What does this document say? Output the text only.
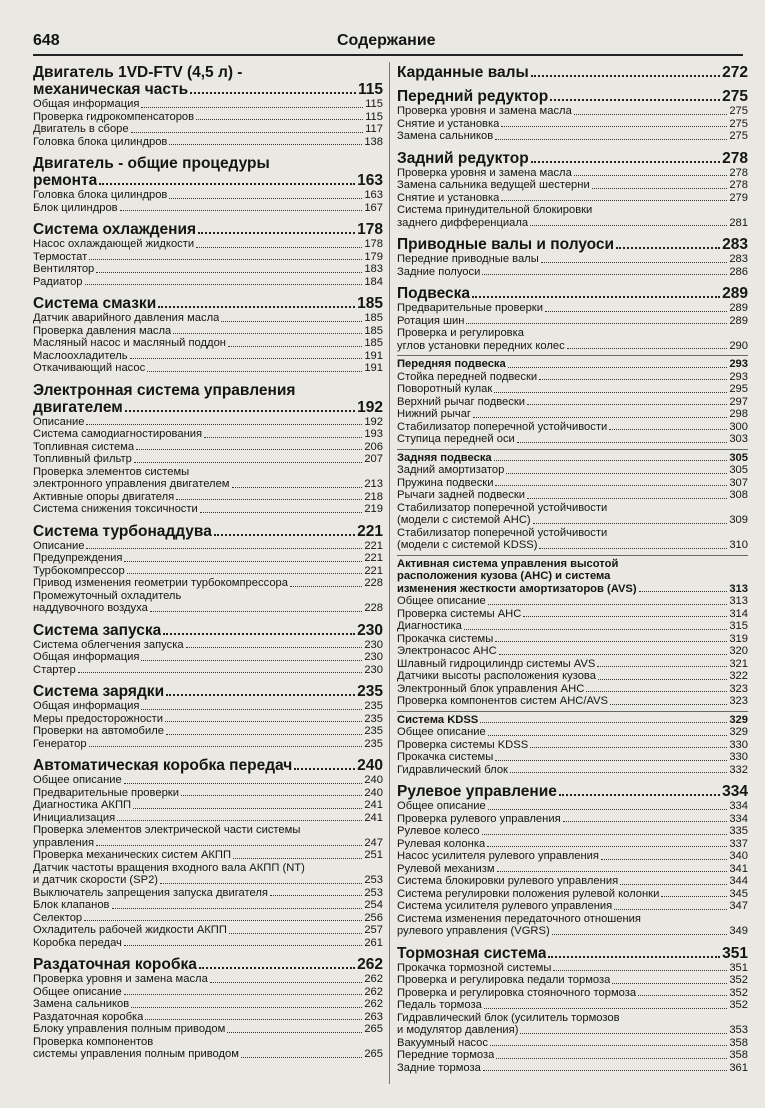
648	Содержание
Двигатель 1VD-FTV (4,5 л) -
механическая часть	115
Общая информация	115
Проверка гидрокомпенсаторов	115
Двигатель в сборе	117
Головка блока цилиндров	138
Двигатель - общие процедуры
ремонта	163
Головка блока цилиндров	163
Блок цилиндров	167
Система охлаждения	178
Насос охлаждающей жидкости	178
Термостат	179
Вентилятор	183
Радиатор	184
Система смазки	185
Датчик аварийного давления масла	185
Проверка давления масла	185
Масляный насос и масляный поддон	185
Маслоохладитель	191
Откачивающий насос	191
Электронная система управления
двигателем	192
Описание	192
Система самодиагностирования	193
Топливная система	206
Топливный фильтр	207
Проверка элементов системы
электронного управления двигателем	213
Активные опоры двигателя	218
Система снижения токсичности	219
Система турбонаддува	221
Описание	221
Предупреждения	221
Турбокомпрессор	221
Привод изменения геометрии турбокомпрессора	228
Промежуточный охладитель
наддувочного воздуха	228
Система запуска	230
Система облегчения запуска	230
Общая информация	230
Стартер	230
Система зарядки	235
Общая информация	235
Меры предосторожности	235
Проверки на автомобиле	235
Генератор	235
Автоматическая коробка передач	240
Общее описание	240
Предварительные проверки	240
Диагностика АКПП	241
Инициализация	241
Проверка элементов электрической части системы
управления	247
Проверка механических систем АКПП	251
Датчик частоты вращения входного вала АКПП (NT)
и датчик скорости (SP2)	253
Выключатель запрещения запуска двигателя	253
Блок клапанов	254
Селектор	256
Охладитель рабочей жидкости АКПП	257
Коробка передач	261
Раздаточная коробка	262
Проверка уровня и замена масла	262
Общее описание	262
Замена сальников	262
Раздаточная коробка	263
Блоку управления полным приводом	265
Проверка компонентов
системы управления полным приводом	265
Карданные валы	272
Передний редуктор	275
Проверка уровня и замена масла	275
Снятие и установка	275
Замена сальников	275
Задний редуктор	278
Проверка уровня и замена масла	278
Замена сальника ведущей шестерни	278
Снятие и установка	279
Система принудительной блокировки
заднего дифференциала	281
Приводные валы и полуоси	283
Передние приводные валы	283
Задние полуоси	286
Подвеска	289
Предварительные проверки	289
Ротация шин	289
Проверка и регулировка
углов установки передних колес	290
Передняя подвеска	293
Стойка передней подвески	293
Поворотный кулак	295
Верхний рычаг подвески	297
Нижний рычаг	298
Стабилизатор поперечной устойчивости	300
Ступица передней оси	303
Задняя подвеска	305
Задний амортизатор	305
Пружина подвески	307
Рычаги задней подвески	308
Стабилизатор поперечной устойчивости
(модели с системой AHC)	309
Стабилизатор поперечной устойчивости
(модели с системой KDSS)	310
Активная система управления высотой
расположения кузова (AHC) и система
изменения жесткости амортизаторов (AVS)	313
Общее описание	313
Проверка системы AHC	314
Диагностика	315
Прокачка системы	319
Электронасос AHC	320
Шлавный гидроцилиндр системы AVS	321
Датчики высоты расположения кузова	322
Электронный блок управления AHC	323
Проверка компонентов систем AHC/AVS	323
Система KDSS	329
Общее описание	329
Проверка системы KDSS	330
Прокачка системы	330
Гидравлический блок	332
Рулевое управление	334
Общее описание	334
Проверка рулевого управления	334
Рулевое колесо	335
Рулевая колонка	337
Насос усилителя рулевого управления	340
Рулевой механизм	341
Система блокировки рулевого управления	344
Система регулировки положения рулевой колонки	345
Система усилителя рулевого управления	347
Система изменения передаточного отношения
рулевого управления (VGRS)	349
Тормозная система	351
Прокачка тормозной системы	351
Проверка и регулировка педали тормоза	352
Проверка и регулировка стояночного тормоза	352
Педаль тормоза	352
Гидравлический блок (усилитель тормозов
и модулятор давления)	353
Вакуумный насос	358
Передние тормоза	358
Задние тормоза	361
